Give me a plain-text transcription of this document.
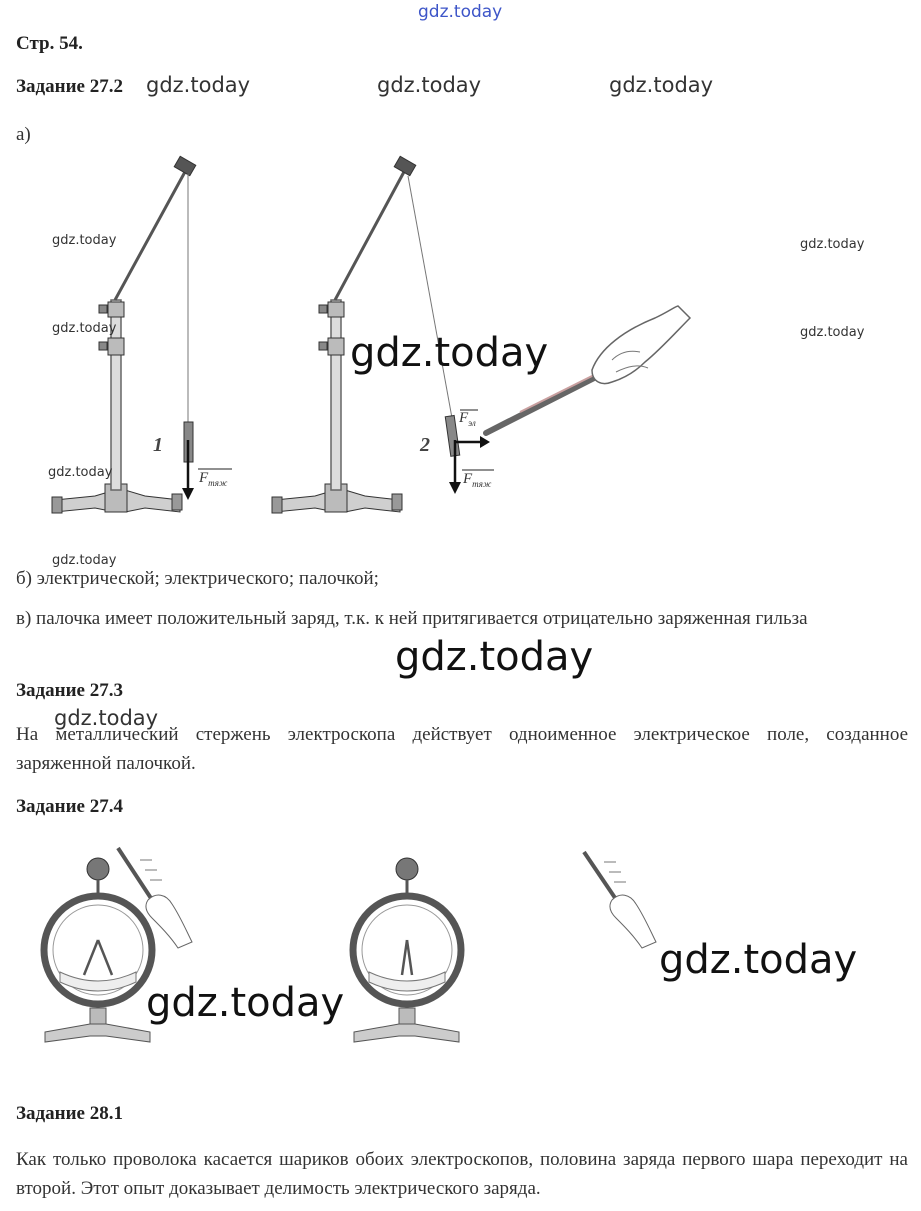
gdz.today
Стр. 54.
Задание 27.2 gdz.today	gdz.today	gdz.today
а)
1
$F_{тяж}$
2
$F_{эл}$
$F_{тяж}$
gdz.today
gdz.today
gdz.today
gdz.today
gdz.today
gdz.today
gdz.today
б) электрической; электрического; палочкой;
в) палочка имеет положительный заряд, т.к. к ней притягивается отрицательно заряженная гильза
gdz.today
Задание 27.3
gdz.today
На металлический стержень электроскопа действует одноименное электрическое поле, созданное заряженной палочкой.
Задание 27.4
gdz.today
gdz.today
Задание 28.1
Как только проволока касается шариков обоих электроскопов, половина заряда первого шара переходит на второй. Этот опыт доказывает делимость электрического заряда.
